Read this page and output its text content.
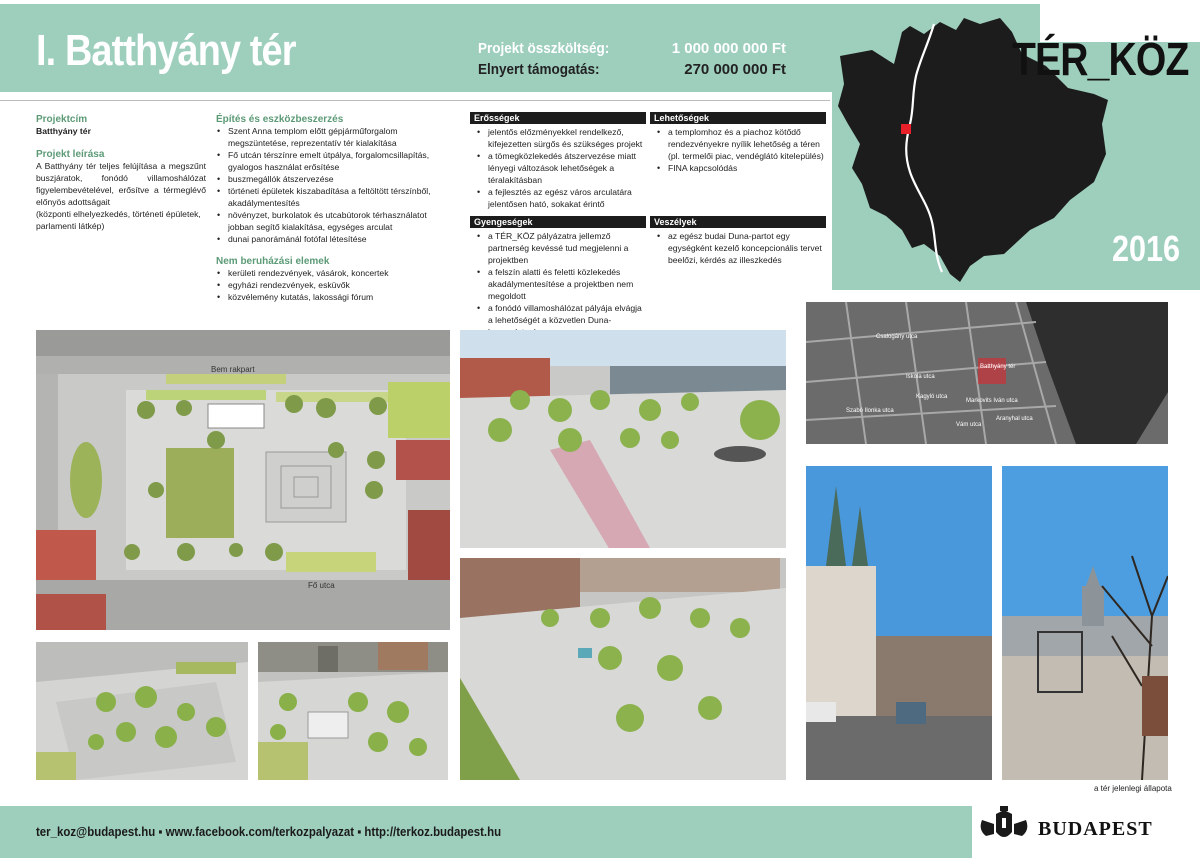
I. Batthyány tér	Projekt összköltség:	1 000 000 000 Ft
Elnyert támogatás:	270 000 000 Ft	TÉR_KÖZ
2016
Projektcím
Batthyány tér
Projekt leírása
A Batthyány tér teljes felújítása a megszűnt buszjáratok, fonódó villamoshálózat figyelembevételével, erősítve a térmeglévő előnyös adottságait
(központi elhelyezkedés, történeti épületek, parlamenti látkép)
Építés és eszközbeszerzés
• Szent Anna templom előtt gépjárműforgalom megszüntetése, reprezentatív tér kialakítása
• Fő utcán térszínre emelt útpálya, forgalomcsillapítás, gyalogos használat erősítése
• buszmegállók átszervezése
• történeti épületek kiszabadítása a feltöltött térszínből, akadálymentesítés
• növényzet, burkolatok és utcabútorok térhasználatot jobban segítő kialakítása, egységes arculat
• dunai panorámánál fotófal létesítése
Nem beruházási elemek
• kerületi rendezvények, vásárok, koncertek
• egyházi rendezvények, esküvők
• közvélemény kutatás, lakossági fórum
Erősségek
• jelentős előzményekkel rendelkező, kifejezetten sürgős és szükséges projekt
• a tömegközlekedés átszervezése miatt lényegi változások lehetőségek a téralakításban
• a fejlesztés az egész város arculatára jelentősen ható, sokakat érintő
Lehetőségek
• a templomhoz és a piachoz kötődő rendezvényekre nyílik lehetőség a téren (pl. termelői piac, vendéglátó kitelepülés)
• FINA kapcsolódás
Gyengeségek
• a TÉR_KÖZ pályázatra jellemző partnerség kevéssé tud megjelenni a projektben
• a felszín alatti és feletti közlekedés akadálymentesítése a projektben nem megoldott
• a fonódó villamoshálózat pályája elvágja a lehetőségét a közvetlen Duna-
Veszélyek
• az egész budai Duna-partot egy egységként kezelő koncepcionális tervet beelőzi, kérdés az illeszkedés
Bem rakpart
Fő utca
Batthyány tér
Csalogány utca
Markovits Iván utca
Iskola utca
Szabó Ilonka utca
Kagyló utca
Vám utca
Aranyhal utca
a tér jelenlegi állapota
ter_koz@budapest.hu ▪ www.facebook.com/terkozpalyazat ▪ http://terkoz.budapest.hu	BUDAPEST
